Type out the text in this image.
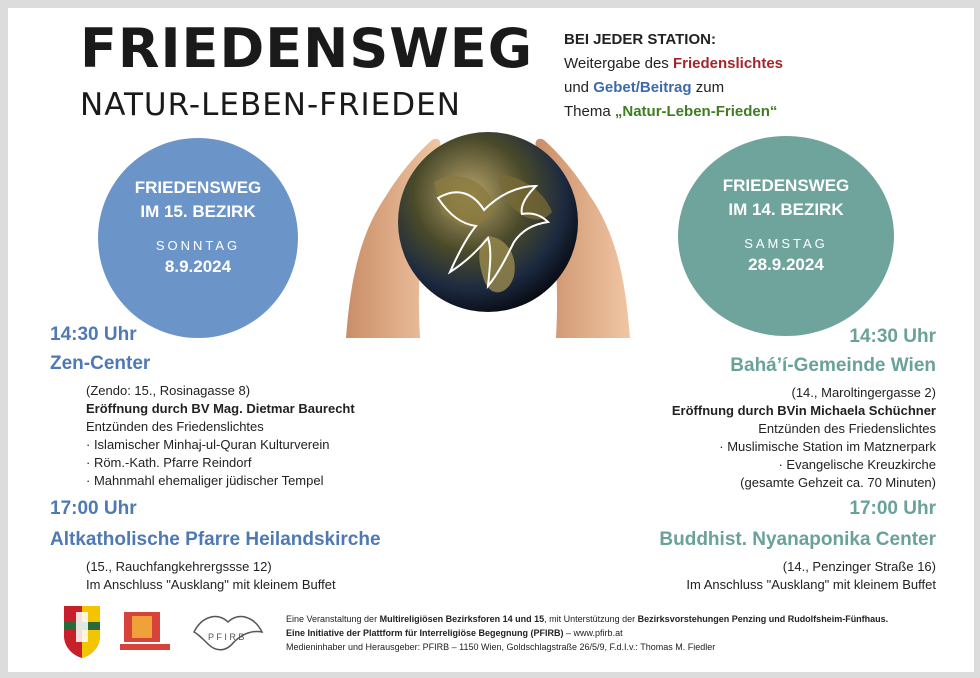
FRIEDENSWEG
NATUR-LEBEN-FRIEDEN
BEI JEDER STATION:
Weitergabe des Friedenslichtes
und Gebet/Beitrag zum
Thema „Natur-Leben-Frieden“
FRIEDENSWEG
IM 15. BEZIRK
SONNTAG
8.9.2024
FRIEDENSWEG
IM 14. BEZIRK
SAMSTAG
28.9.2024
14:30 Uhr
Zen-Center
(Zendo: 15., Rosinagasse 8)
Eröffnung durch BV Mag. Dietmar Baurecht
Entzünden des Friedenslichtes
· Islamischer Minhaj-ul-Quran Kulturverein
· Röm.-Kath. Pfarre Reindorf
· Mahnmahl ehemaliger jüdischer Tempel
17:00 Uhr
Altkatholische Pfarre Heilandskirche
(15., Rauchfangkehrergssse 12)
Im Anschluss "Ausklang" mit kleinem Buffet
14:30 Uhr
Bahá’í-Gemeinde Wien
(14., Maroltingergasse 2)
Eröffnung durch BVin Michaela Schüchner
Entzünden des Friedenslichtes
· Muslimische Station im Matznerpark
· Evangelische Kreuzkirche
(gesamte Gehzeit ca. 70 Minuten)
17:00 Uhr
Buddhist. Nyanaponika Center
(14., Penzinger Straße 16)
Im Anschluss "Ausklang" mit kleinem Buffet
P F I R B
Eine Veranstaltung der Multireligiösen Bezirksforen 14 und 15, mit Unterstützung der Bezirksvorstehungen Penzing und Rudolfsheim-Fünfhaus.
Eine Initiative der Plattform für Interreligiöse Begegnung (PFIRB) – www.pfirb.at
Medieninhaber und Herausgeber: PFIRB – 1150 Wien, Goldschlagstraße 26/5/9, F.d.I.v.: Thomas M. Fiedler
